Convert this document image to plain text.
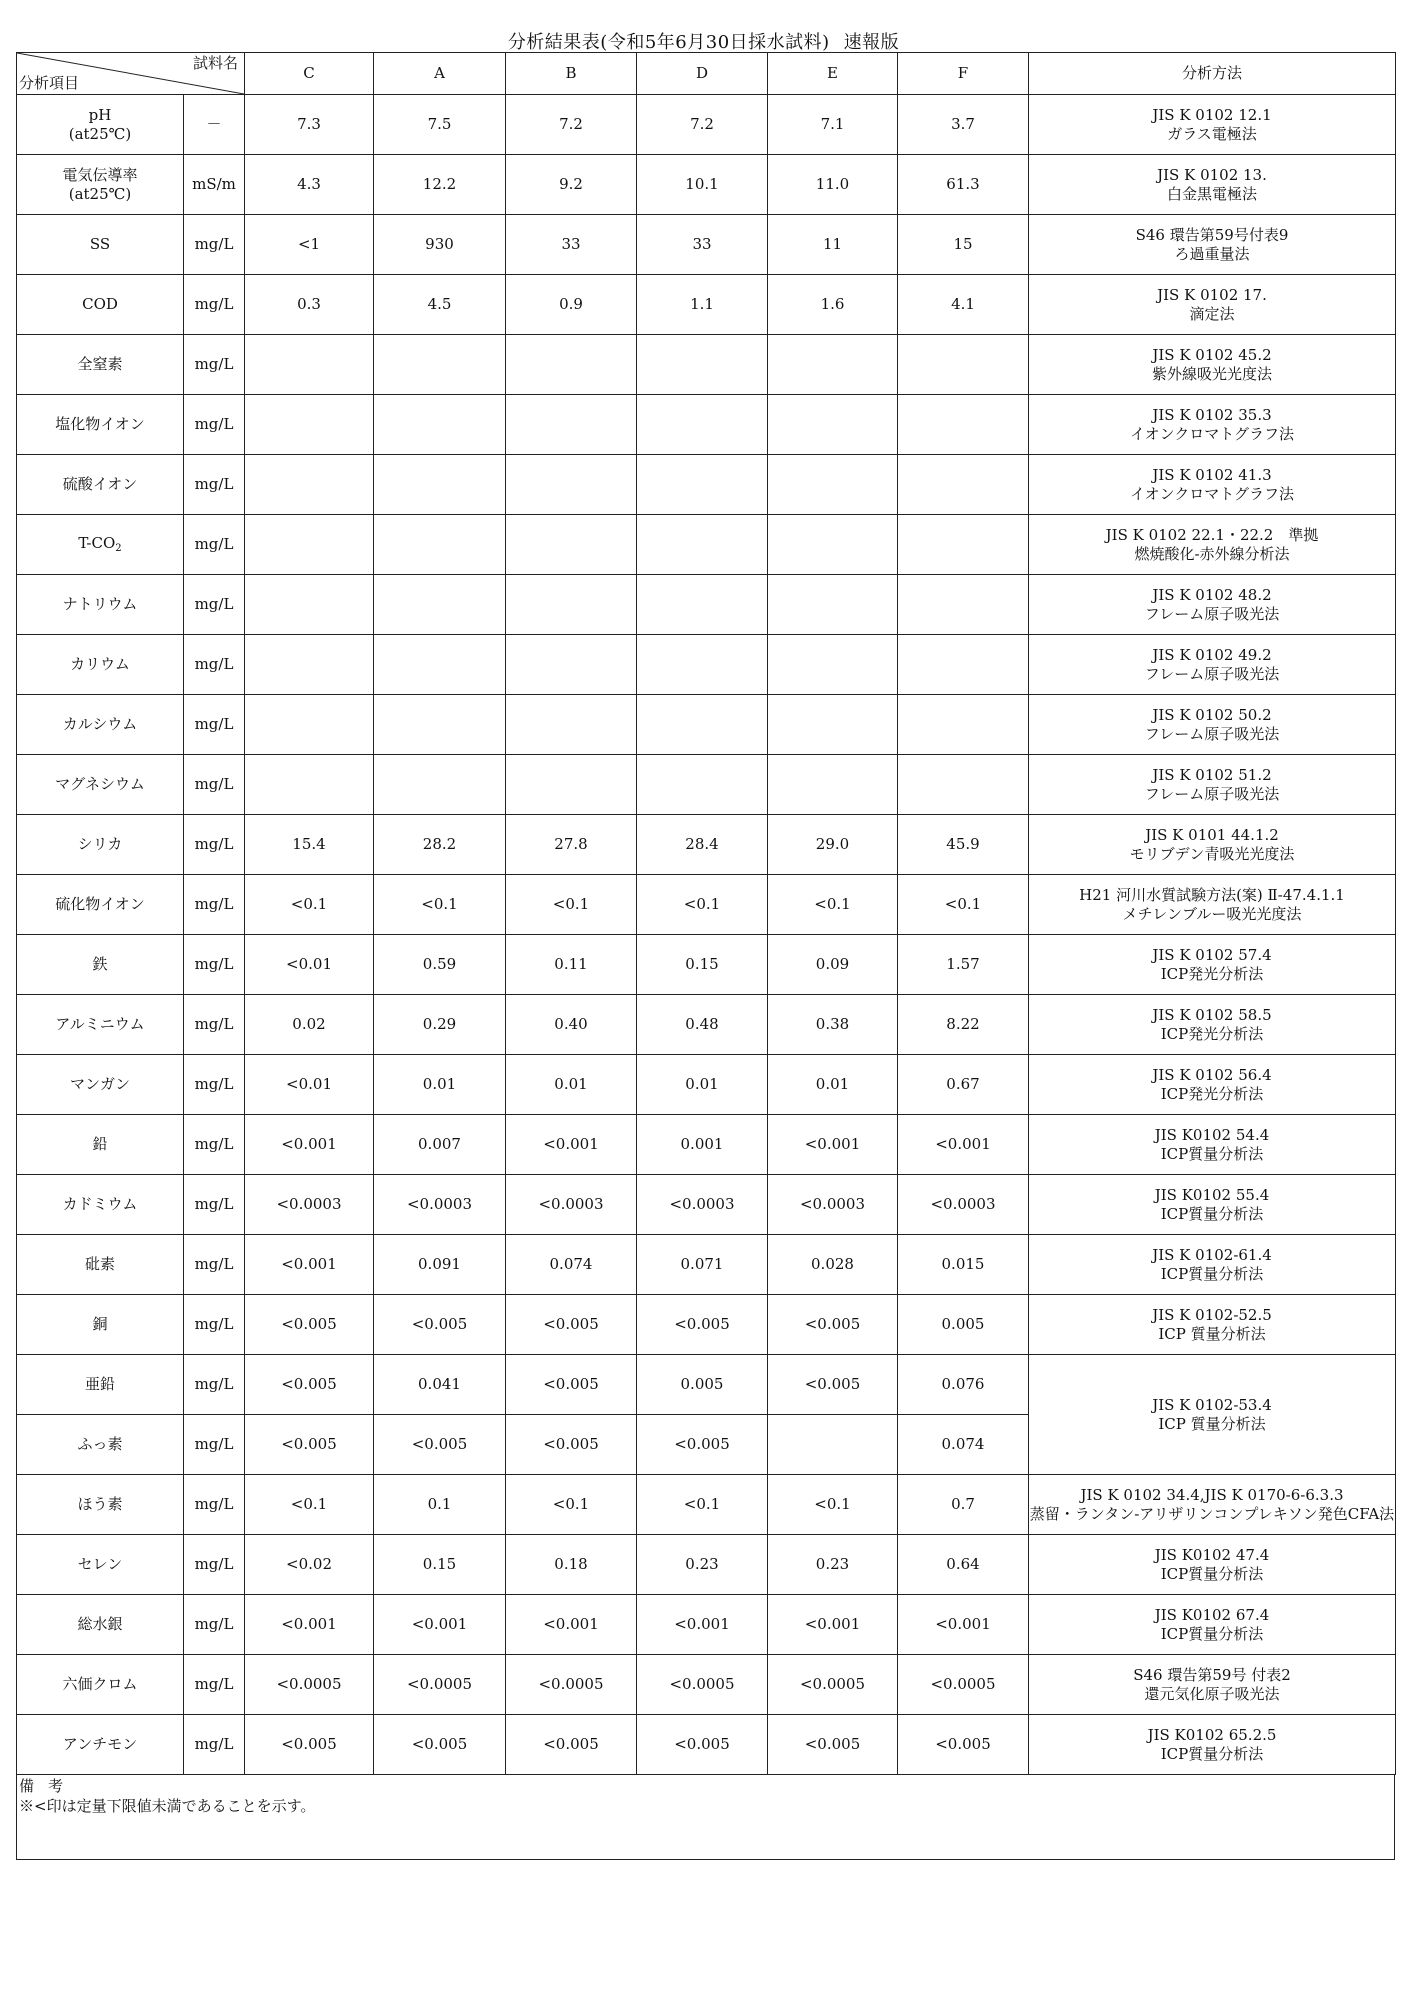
分析結果表(令和5年6月30日採水試料) 速報版
試料名
分析項目		C	A	B	D	E	F	分析方法
pH
(at25℃)	－	7.3	7.5	7.2	7.2	7.1	3.7	JIS K 0102 12.1
ガラス電極法
電気伝導率
(at25℃)	mS/m	4.3	12.2	9.2	10.1	11.0	61.3	JIS K 0102 13.
白金黒電極法
SS	mg/L	<1	930	33	33	11	15	S46 環告第59号付表9
ろ過重量法
COD	mg/L	0.3	4.5	0.9	1.1	1.6	4.1	JIS K 0102 17.
滴定法
全窒素	mg/L							JIS K 0102 45.2
紫外線吸光光度法
塩化物イオン	mg/L							JIS K 0102 35.3
イオンクロマトグラフ法
硫酸イオン	mg/L							JIS K 0102 41.3
イオンクロマトグラフ法
$T-CO_2$	mg/L							JIS K 0102 22.1・22.2　準拠
燃焼酸化-赤外線分析法
ナトリウム	mg/L							JIS K 0102 48.2
フレーム原子吸光法
カリウム	mg/L							JIS K 0102 49.2
フレーム原子吸光法
カルシウム	mg/L							JIS K 0102 50.2
フレーム原子吸光法
マグネシウム	mg/L							JIS K 0102 51.2
フレーム原子吸光法
シリカ	mg/L	15.4	28.2	27.8	28.4	29.0	45.9	JIS K 0101 44.1.2
モリブデン青吸光光度法
硫化物イオン	mg/L	<0.1	<0.1	<0.1	<0.1	<0.1	<0.1	H21 河川水質試験方法(案) Ⅱ-47.4.1.1
メチレンブルー吸光光度法
鉄	mg/L	<0.01	0.59	0.11	0.15	0.09	1.57	JIS K 0102 57.4
ICP発光分析法
アルミニウム	mg/L	0.02	0.29	0.40	0.48	0.38	8.22	JIS K 0102 58.5
ICP発光分析法
マンガン	mg/L	<0.01	0.01	0.01	0.01	0.01	0.67	JIS K 0102 56.4
ICP発光分析法
鉛	mg/L	<0.001	0.007	<0.001	0.001	<0.001	<0.001	JIS K0102 54.4
ICP質量分析法
カドミウム	mg/L	<0.0003	<0.0003	<0.0003	<0.0003	<0.0003	<0.0003	JIS K0102 55.4
ICP質量分析法
砒素	mg/L	<0.001	0.091	0.074	0.071	0.028	0.015	JIS K 0102-61.4
ICP質量分析法
銅	mg/L	<0.005	<0.005	<0.005	<0.005	<0.005	0.005	JIS K 0102-52.5
ICP 質量分析法
亜鉛	mg/L	<0.005	0.041	<0.005	0.005	<0.005	0.076	JIS K 0102-53.4
ICP 質量分析法
ふっ素	mg/L	<0.005	<0.005	<0.005	<0.005		0.074	
ほう素	mg/L	<0.1	0.1	<0.1	<0.1	<0.1	0.7	JIS K 0102 34.4,JIS K 0170-6-6.3.3
蒸留・ランタン-アリザリンコンプレキソン発色CFA法
セレン	mg/L	<0.02	0.15	0.18	0.23	0.23	0.64	JIS K0102 47.4
ICP質量分析法
総水銀	mg/L	<0.001	<0.001	<0.001	<0.001	<0.001	<0.001	JIS K0102 67.4
ICP質量分析法
六価クロム	mg/L	<0.0005	<0.0005	<0.0005	<0.0005	<0.0005	<0.0005	S46 環告第59号 付表2
還元気化原子吸光法
アンチモン	mg/L	<0.005	<0.005	<0.005	<0.005	<0.005	<0.005	JIS K0102 65.2.5
ICP質量分析法
備考
※<印は定量下限値未満であることを示す。
